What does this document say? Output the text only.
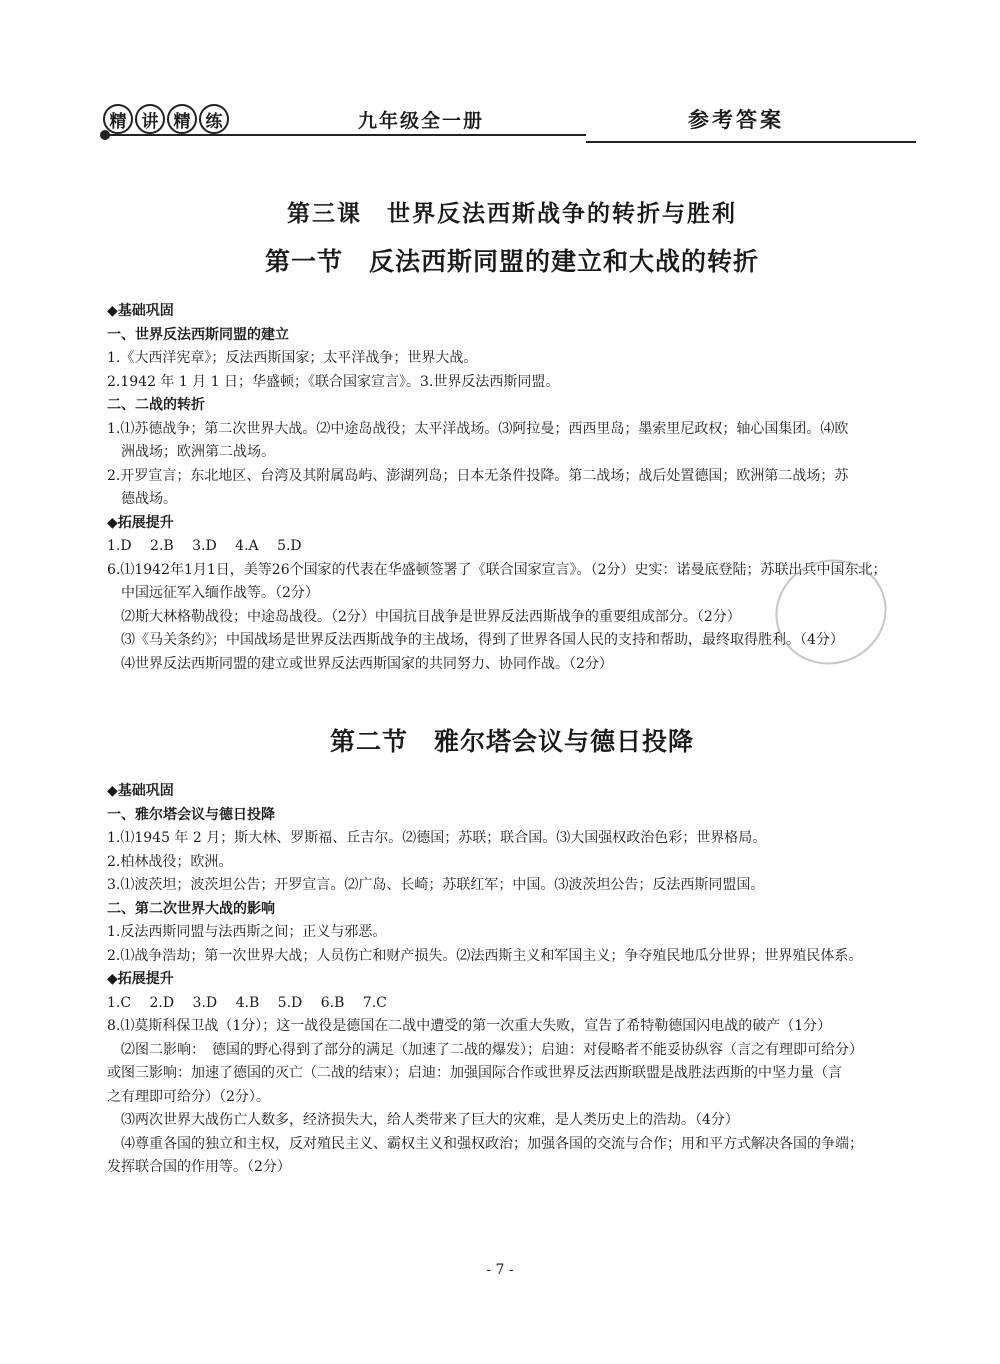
精 讲 精 练	九年级全一册	参考答案
第三课　世界反法西斯战争的转折与胜利
第一节　反法西斯同盟的建立和大战的转折

◆基础巩固

一、世界反法西斯同盟的建立

1.《大西洋宪章》；反法西斯国家；太平洋战争；世界大战。

2.1942 年 1 月 1 日；华盛顿；《联合国家宣言》。3.世界反法西斯同盟。

二、二战的转折

1.⑴苏德战争；第二次世界大战。⑵中途岛战役；太平洋战场。⑶阿拉曼；西西里岛；墨索里尼政权；轴心国集团。⑷欧

洲战场；欧洲第二战场。

2.开罗宣言；东北地区、台湾及其附属岛屿、澎湖列岛；日本无条件投降。第二战场；战后处置德国；欧洲第二战场；苏

德战场。

◆拓展提升

1.D　 2.B　 3.D　 4.A　 5.D

6.⑴1942年1月1日，美等26个国家的代表在华盛顿签署了《联合国家宣言》。（2分）史实：诺曼底登陆；苏联出兵中国东北；

中国远征军入缅作战等。（2分）

⑵斯大林格勒战役；中途岛战役。（2分）中国抗日战争是世界反法西斯战争的重要组成部分。（2分）

⑶《马关条约》；中国战场是世界反法西斯战争的主战场，得到了世界各国人民的支持和帮助，最终取得胜利。（4分）

⑷世界反法西斯同盟的建立或世界反法西斯国家的共同努力、协同作战。（2分）

第二节　雅尔塔会议与德日投降

◆基础巩固

一、雅尔塔会议与德日投降

1.⑴1945 年 2 月；斯大林、罗斯福、丘吉尔。⑵德国；苏联；联合国。⑶大国强权政治色彩；世界格局。

2.柏林战役；欧洲。

3.⑴波茨坦；波茨坦公告；开罗宣言。⑵广岛、长崎；苏联红军；中国。⑶波茨坦公告；反法西斯同盟国。

二、第二次世界大战的影响

1.反法西斯同盟与法西斯之间；正义与邪恶。

2.⑴战争浩劫；第一次世界大战；人员伤亡和财产损失。⑵法西斯主义和军国主义；争夺殖民地瓜分世界；世界殖民体系。

◆拓展提升

1.C　 2.D　 3.D　 4.B　 5.D　 6.B　 7.C

8.⑴莫斯科保卫战（1分）；这一战役是德国在二战中遭受的第一次重大失败，宣告了希特勒德国闪电战的破产（1分）

⑵图二影响：　德国的野心得到了部分的满足（加速了二战的爆发）；启迪：对侵略者不能妥协纵容（言之有理即可给分）

或图三影响：加速了德国的灭亡（二战的结束）；启迪：加强国际合作或世界反法西斯联盟是战胜法西斯的中坚力量（言

之有理即可给分）（2分）。

⑶两次世界大战伤亡人数多，经济损失大，给人类带来了巨大的灾难，是人类历史上的浩劫。（4分）

⑷尊重各国的独立和主权，反对殖民主义、霸权主义和强权政治；加强各国的交流与合作；用和平方式解决各国的争端；

发挥联合国的作用等。（2分）

- 7 -
